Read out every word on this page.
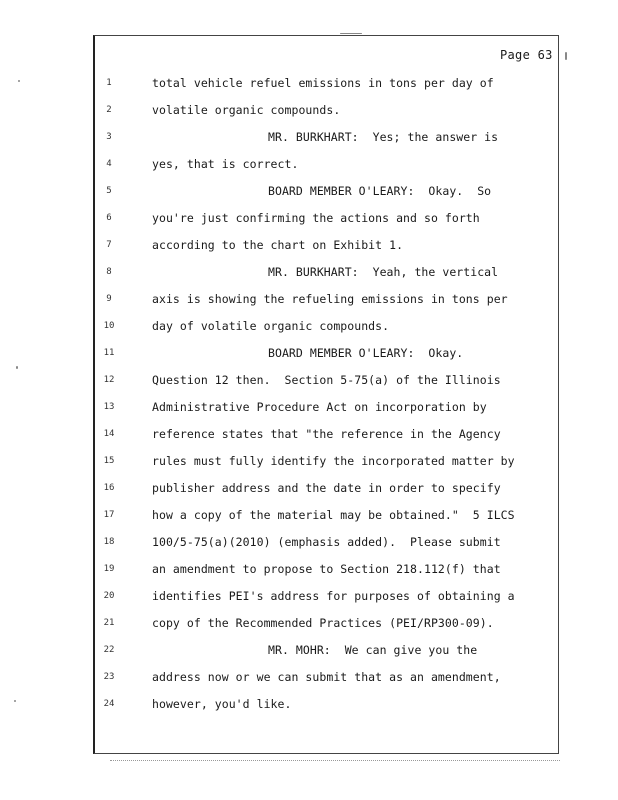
Page 63
1	total vehicle refuel emissions in tons per day of
2	volatile organic compounds.
3	MR. BURKHART:  Yes; the answer is
4	yes, that is correct.
5	BOARD MEMBER O'LEARY:  Okay.  So
6	you're just confirming the actions and so forth
7	according to the chart on Exhibit 1.
8	MR. BURKHART:  Yeah, the vertical
9	axis is showing the refueling emissions in tons per
10	day of volatile organic compounds.
11	BOARD MEMBER O'LEARY:  Okay.
12	Question 12 then.  Section 5-75(a) of the Illinois
13	Administrative Procedure Act on incorporation by
14	reference states that "the reference in the Agency
15	rules must fully identify the incorporated matter by
16	publisher address and the date in order to specify
17	how a copy of the material may be obtained."  5 ILCS
18	100/5-75(a)(2010) (emphasis added).  Please submit
19	an amendment to propose to Section 218.112(f) that
20	identifies PEI's address for purposes of obtaining a
21	copy of the Recommended Practices (PEI/RP300-09).
22	MR. MOHR:  We can give you the
23	address now or we can submit that as an amendment,
24	however, you'd like.
